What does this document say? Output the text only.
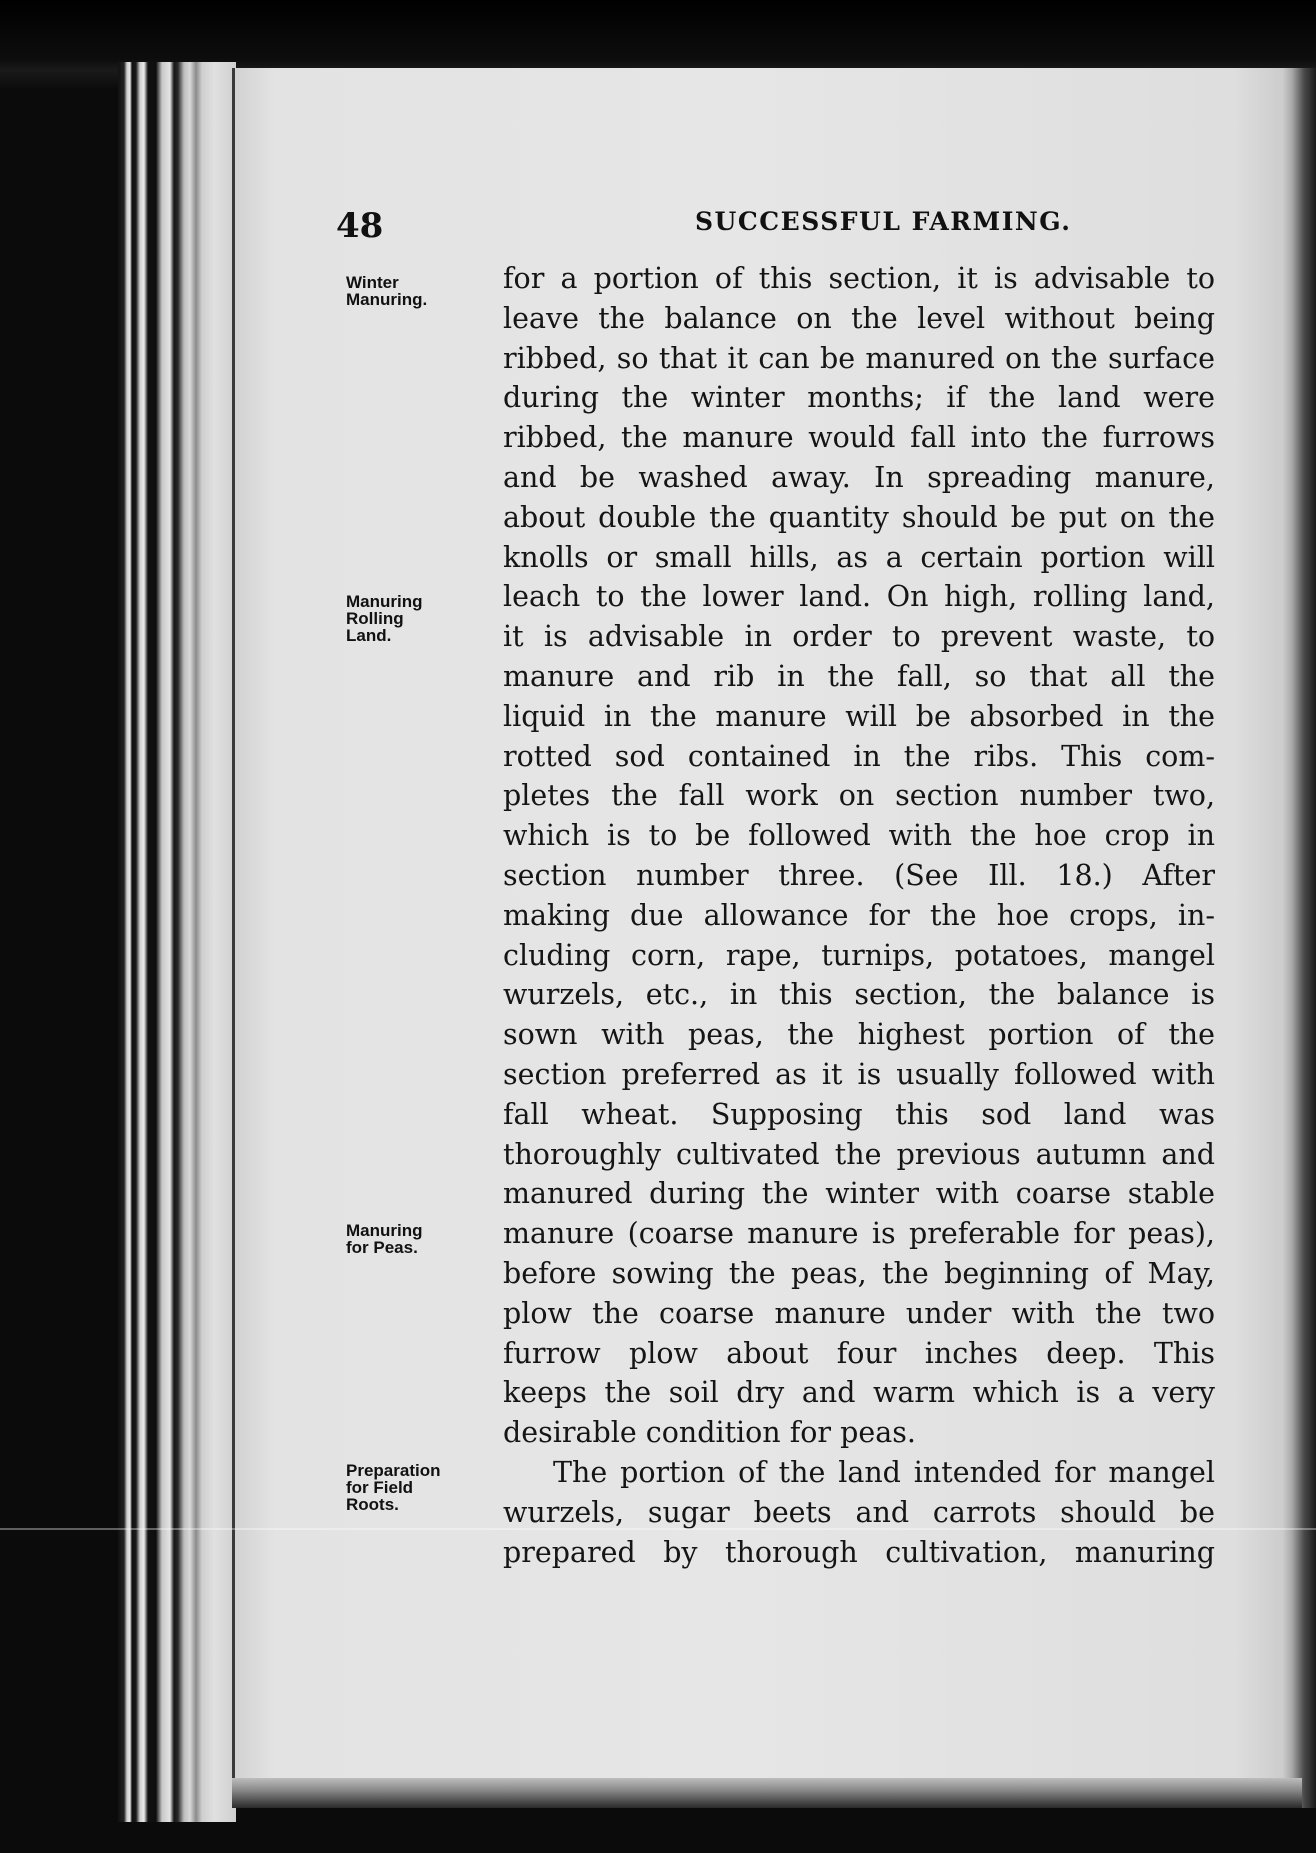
48	SUCCESSFUL FARMING.
Winter
Manuring.
Manuring
Rolling
Land.
Manuring
for Peas.
Preparation
for Field
Roots.
for a portion of this section, it is advisable to
leave the balance on the level without being
ribbed, so that it can be manured on the surface
during the winter months; if the land were
ribbed, the manure would fall into the furrows
and be washed away. In spreading manure,
about double the quantity should be put on the
knolls or small hills, as a certain portion will
leach to the lower land. On high, rolling land,
it is advisable in order to prevent waste, to
manure and rib in the fall, so that all the
liquid in the manure will be absorbed in the
rotted sod contained in the ribs. This com-
pletes the fall work on section number two,
which is to be followed with the hoe crop in
section number three. (See Ill. 18.) After
making due allowance for the hoe crops, in-
cluding corn, rape, turnips, potatoes, mangel
wurzels, etc., in this section, the balance is
sown with peas, the highest portion of the
section preferred as it is usually followed with
fall wheat. Supposing this sod land was
thoroughly cultivated the previous autumn and
manured during the winter with coarse stable
manure (coarse manure is preferable for peas),
before sowing the peas, the beginning of May,
plow the coarse manure under with the two
furrow plow about four inches deep. This
keeps the soil dry and warm which is a very
desirable condition for peas.
The portion of the land intended for mangel
wurzels, sugar beets and carrots should be
prepared by thorough cultivation, manuring
